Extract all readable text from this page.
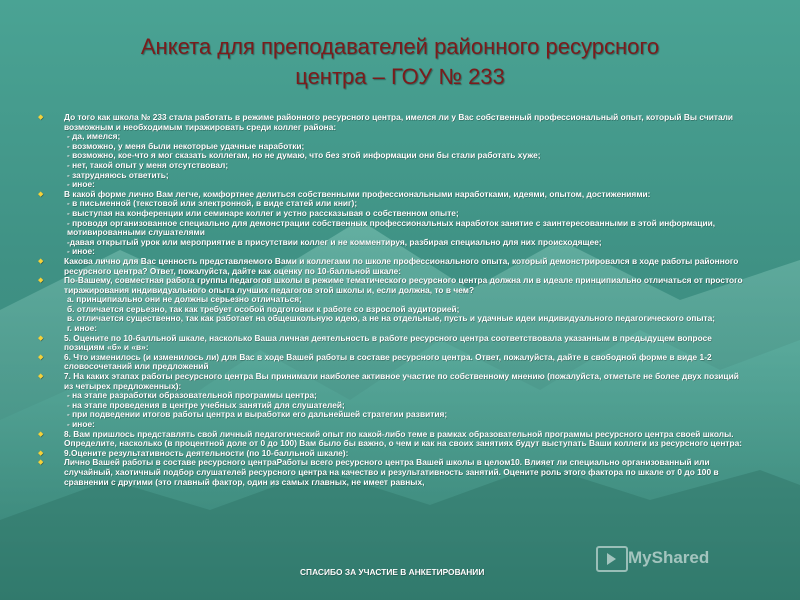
Анкета для преподавателей районного ресурсного
центра – ГОУ № 233
◆ До того как школа № 233 стала работать в режиме районного ресурсного центра, имелся ли у Вас собственный профессиональный опыт, который Вы считали возможным и необходимым тиражировать среди коллег района:
- да, имелся;
- возможно, у меня были некоторые удачные наработки;
- возможно, кое-что я мог сказать коллегам, но не думаю, что без этой информации они бы стали работать хуже;
- нет, такой опыт у меня отсутствовал;
- затрудняюсь ответить;
- иное:
◆ В какой форме лично Вам легче, комфортнее делиться собственными профессиональными наработками, идеями, опытом, достижениями:
- в письменной (текстовой или электронной, в виде статей или книг);
- выступая на конференции или семинаре коллег и устно рассказывая о собственном опыте;
- проводя организованное специально для демонстрации собственных профессиональных наработок занятие с заинтересованными в этой информации, мотивированными слушателями
-давая открытый урок или мероприятие в присутствии коллег и не комментируя, разбирая специально для них происходящее;
- иное:
◆ Какова лично для Вас ценность представляемого Вами и коллегами по школе профессионального опыта, который демонстрировался в ходе работы районного ресурсного центра? Ответ, пожалуйста, дайте как оценку по 10-балльной шкале:
◆ По-Вашему, совместная работа группы педагогов школы в режиме тематического ресурсного центра должна ли в идеале принципиально отличаться от простого тиражирования индивидуального опыта лучших педагогов этой школы и, если должна, то в чем?
а. принципиально они не должны серьезно отличаться;
б. отличается серьезно, так как требует особой подготовки к работе со взрослой аудиторией;
в. отличается существенно, так как работает на общешкольную идею, а не на отдельные, пусть и удачные идеи индивидуального педагогического опыта;
г. иное:
◆ 5. Оцените по 10-балльной шкале, насколько Ваша личная деятельность в работе ресурсного центра соответствовала указанным в предыдущем вопросе позициям «б» и «в»:
◆ 6. Что изменилось (и изменилось ли) для Вас в ходе Вашей работы в составе ресурсного центра. Ответ, пожалуйста, дайте в свободной форме в виде 1-2 словосочетаний или предложений
◆ 7. На каких этапах работы ресурсного центра Вы принимали наиболее активное участие по собственному мнению (пожалуйста, отметьте не более двух позиций из четырех предложенных):
- на этапе разработки образовательной программы центра;
- на этапе проведения в центре учебных занятий для слушателей;
- при подведении итогов работы центра и выработки его дальнейшей стратегии развития;
- иное:
◆ 8. Вам пришлось представлять свой личный педагогический опыт по какой-либо теме в рамках образовательной программы ресурсного центра своей школы. Определите, насколько (в процентной доле от 0 до 100) Вам было бы важно, о чем и как на своих занятиях будут выступать Ваши коллеги из ресурсного центра:
◆ 9.Оцените результативность деятельности (по 10-балльной шкале):
◆ Лично Вашей работы в составе ресурсного центраРаботы всего ресурсного центра Вашей школы в целом10. Влияет ли специально организованный или случайный, хаотичный подбор слушателей ресурсного центра на качество и результативность занятий. Оцените роль этого фактора по шкале от 0 до 100 в сравнении с другими (это главный фактор, один из самых главных, не имеет равных,
MyShared
СПАСИБО ЗА УЧАСТИЕ В АНКЕТИРОВАНИИ
